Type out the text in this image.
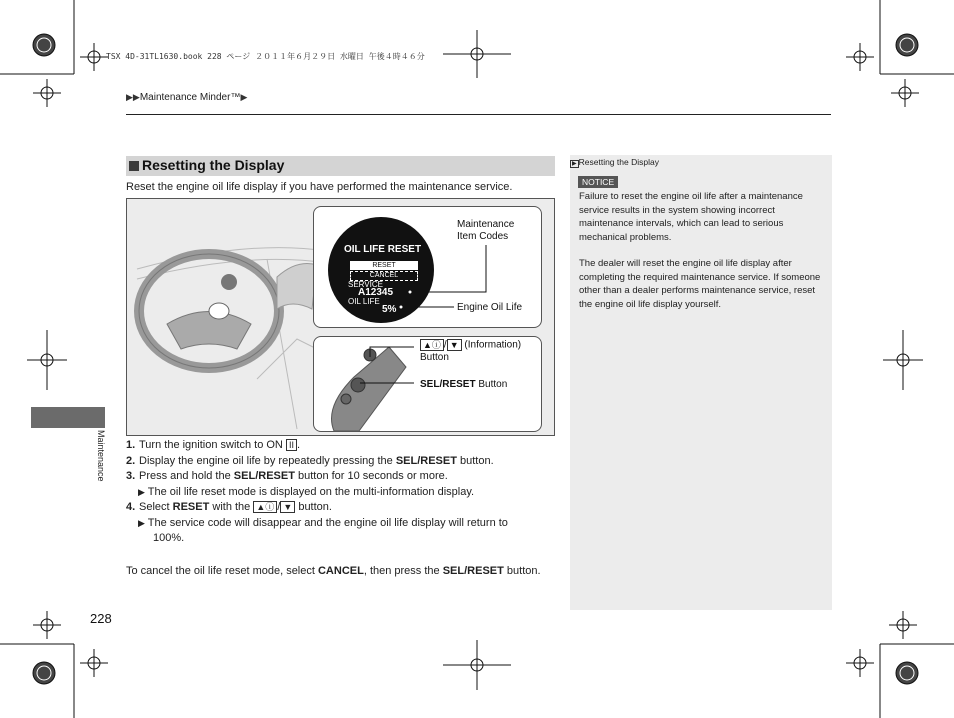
TSX 4D-31TL1630.book 228 ページ ２０１１年６月２９日 水曜日 午後４時４６分
▶▶Maintenance Minder™▶
Resetting the Display
Reset the engine oil life display if you have performed the maintenance service.
OIL LIFE RESET
RESET
CANCEL
SERVICE
A12345
OIL LIFE
5%
Maintenance
Item Codes
Engine Oil Life
▲ⓘ / ▼ (Information)
Button
SEL/RESET Button
1. Turn the ignition switch to ON II .
2. Display the engine oil life by repeatedly pressing the SEL/RESET button.
3. Press and hold the SEL/RESET button for 10 seconds or more.
▶ The oil life reset mode is displayed on the multi-information display.
4. Select RESET with the ▲ⓘ / ▼ button.
▶ The service code will disappear and the engine oil life display will return to
100%.
To cancel the oil life reset mode, select CANCEL, then press the SEL/RESET button.
Maintenance
228
▶ Resetting the Display
NOTICE
Failure to reset the engine oil life after a maintenance service results in the system showing incorrect maintenance intervals, which can lead to serious mechanical problems.
The dealer will reset the engine oil life display after completing the required maintenance service. If someone other than a dealer performs maintenance service, reset the engine oil life display yourself.
